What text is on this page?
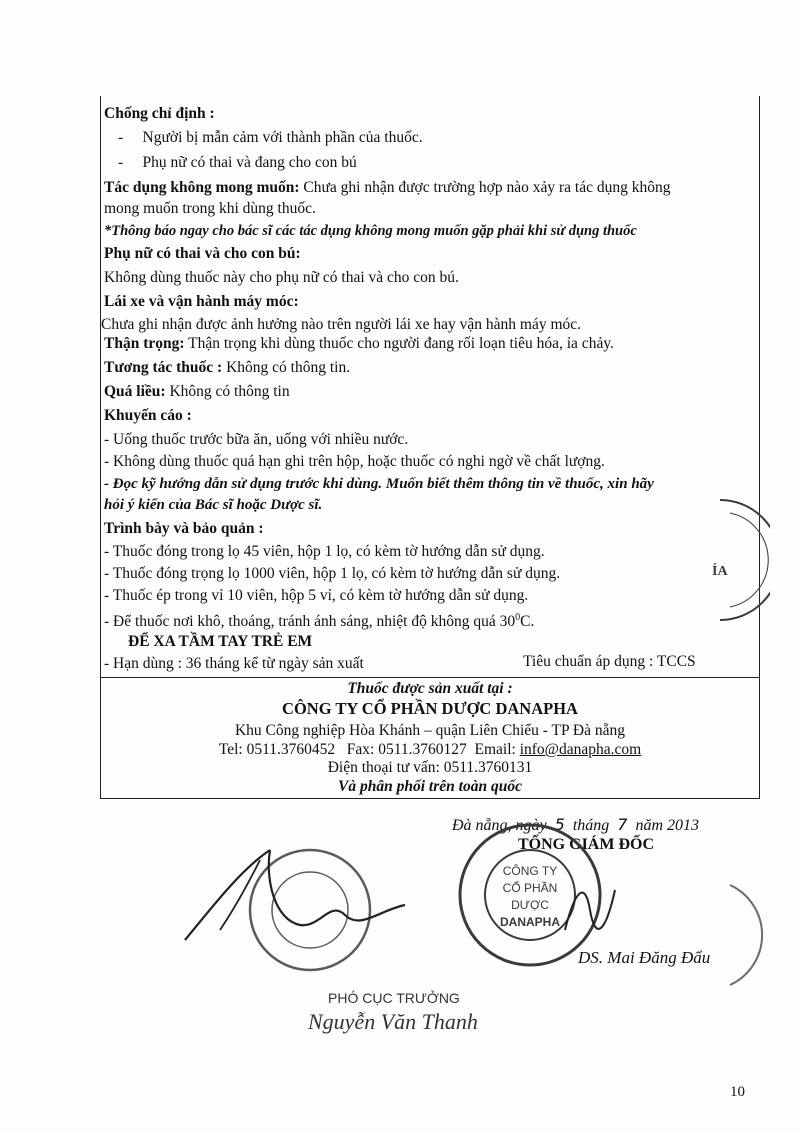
Chống chỉ định :
-     Người bị mẫn cảm với thành phần của thuốc.
-     Phụ nữ có thai và đang cho con bú
Tác dụng không mong muốn: Chưa ghi nhận được trường hợp nào xảy ra tác dụng không
mong muốn trong khi dùng thuốc.
*Thông báo ngay cho bác sĩ các tác dụng không mong muốn gặp phải khi sử dụng thuốc
Phụ nữ có thai và cho con bú:
Không dùng thuốc này cho phụ nữ có thai và cho con bú.
Lái xe và vận hành máy móc:
Chưa ghi nhận được ảnh hưởng nào trên người lái xe hay vận hành máy móc.
Thận trọng: Thận trọng khi dùng thuốc cho người đang rối loạn tiêu hóa, ỉa chảy.
Tương tác thuốc : Không có thông tin.
Quá liều: Không có thông tin
Khuyến cáo :
- Uống thuốc trước bữa ăn, uống với nhiều nước.
- Không dùng thuốc quá hạn ghi trên hộp, hoặc thuốc có nghi ngờ về chất lượng.
- Đọc kỹ hướng dẫn sử dụng trước khi dùng. Muốn biết thêm thông tin về thuốc, xin hãy
hỏi ý kiến của Bác sĩ hoặc Dược sĩ.
Trình bày và bảo quản :
- Thuốc đóng trong lọ 45 viên, hộp 1 lọ, có kèm tờ hướng dẫn sử dụng.
- Thuốc đóng trọng lọ 1000 viên, hộp 1 lọ, có kèm tờ hướng dẫn sử dụng.
- Thuốc ép trong vỉ 10 viên, hộp 5 vỉ, có kèm tờ hướng dẫn sử dụng.
- Để thuốc nơi khô, thoáng, tránh ánh sáng, nhiệt độ không quá $30^0C$.
ĐỂ XA TẦM TAY TRẺ EM
- Hạn dùng : 36 tháng kể từ ngày sản xuất	Tiêu chuẩn áp dụng : TCCS
Thuốc được sản xuất tại :
CÔNG TY CỔ PHẦN DƯỢC DANAPHA
Khu Công nghiệp Hòa Khánh – quận Liên Chiểu - TP Đà nẵng
Tel: 0511.3760452 Fax: 0511.3760127 Email: info@danapha.com
Điện thoại tư vấn: 0511.3760131
Và phân phối trên toàn quốc
ÍA
Đà nẵng, ngày 5 tháng 7 năm 2013
TỔNG GIÁM ĐỐC
CÔNG TY
CỔ PHẦN
DƯỢC
DANAPHA
DS. Mai Đăng Đẩu
PHÓ CỤC TRƯỞNG
Nguyễn Văn Thanh
10
